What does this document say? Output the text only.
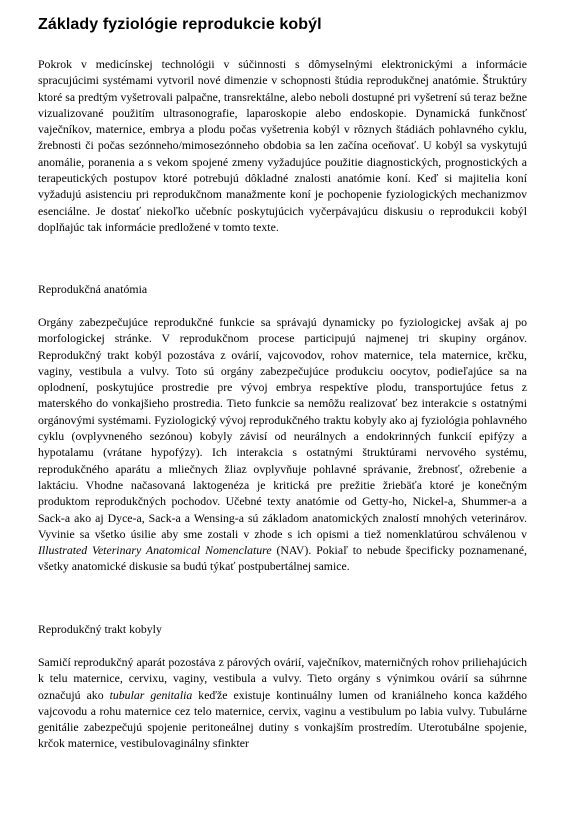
Základy fyziológie reprodukcie kobýl

Pokrok v medicínskej technológii v súčinnosti s dômyselnými elektronickými a informácie spracujúcimi systémami vytvoril nové dimenzie v schopnosti štúdia reprodukčnej anatómie. Štruktúry ktoré sa predtým vyšetrovali palpačne, transrektálne, alebo neboli dostupné pri vyšetrení sú teraz bežne vizualizované použitím ultrasonografie, laparoskopie alebo endoskopie. Dynamická funkčnosť vaječníkov, maternice, embrya a plodu počas vyšetrenia kobýl v rôznych štádiách pohlavného cyklu, žrebnosti či počas sezónneho/mimosezónneho obdobia sa len začína oceňovať. U kobýl sa vyskytujú anomálie, poranenia a s vekom spojené zmeny vyžadujúce použitie diagnostických, prognostických a terapeutických postupov ktoré potrebujú dôkladné znalosti anatómie koní. Keď si majitelia koní vyžadujú asistenciu pri reprodukčnom manažmente koní je pochopenie fyziologických mechanizmov esenciálne. Je dostať niekoľko učebníc poskytujúcich vyčerpávajúcu diskusiu o reprodukcii kobýl doplňajúc tak informácie predložené v tomto texte.

Reprodukčná anatómia

Orgány zabezpečujúce reprodukčné funkcie sa správajú dynamicky po fyziologickej avšak aj po morfologickej stránke. V reprodukčnom procese participujú najmenej tri skupiny orgánov. Reprodukčný trakt kobýl pozostáva z ovárií, vajcovodov, rohov maternice, tela maternice, krčku, vaginy, vestibula a vulvy. Toto sú orgány zabezpečujúce produkciu oocytov, podieľajúce sa na oplodnení, poskytujúce prostredie pre vývoj embrya respektíve plodu, transportujúce fetus z materského do vonkajšieho prostredia. Tieto funkcie sa nemôžu realizovať bez interakcie s ostatnými orgánovými systémami. Fyziologický vývoj reprodukčného traktu kobyly ako aj fyziológia pohlavného cyklu (ovplyvneného sezónou) kobyly závisí od neurálnych a endokrinných funkcií epifýzy a hypotalamu (vrátane hypofýzy). Ich interakcia s ostatnými štruktúrami nervového systému, reprodukčného aparátu a mliečnych žliaz ovplyvňuje pohlavné správanie, žrebnosť, ožrebenie a laktáciu. Vhodne načasovaná laktogenéza je kritická pre prežitie žriebäťa ktoré je konečným produktom reprodukčných pochodov. Učebné texty anatómie od Getty-ho, Nickel-a, Shummer-a a Sack-a ako aj Dyce-a, Sack-a a Wensing-a sú základom anatomických znalostí mnohých veterinárov. Vyvinie sa všetko úsilie aby sme zostali v zhode s ich opismi a tiež nomenklatúrou schválenou v Illustrated Veterinary Anatomical Nomenclature (NAV). Pokiaľ to nebude špecificky poznamenané, všetky anatomické diskusie sa budú týkať postpubertálnej samice.

Reprodukčný trakt kobyly

Samičí reprodukčný aparát pozostáva z párových ovárií, vaječníkov, materničných rohov priliehajúcich k telu maternice, cervixu, vaginy, vestibula a vulvy. Tieto orgány s výnimkou ovárií sa súhrnne označujú ako tubular genitalia keďže existuje kontinuálny lumen od kraniálneho konca každého vajcovodu a rohu maternice cez telo maternice, cervix, vaginu a vestibulum po labia vulvy. Tubulárne genitálie zabezpečujú spojenie peritoneálnej dutiny s vonkajším prostredím. Uterotubálne spojenie, krčok maternice, vestibulovaginálny sfinkter
